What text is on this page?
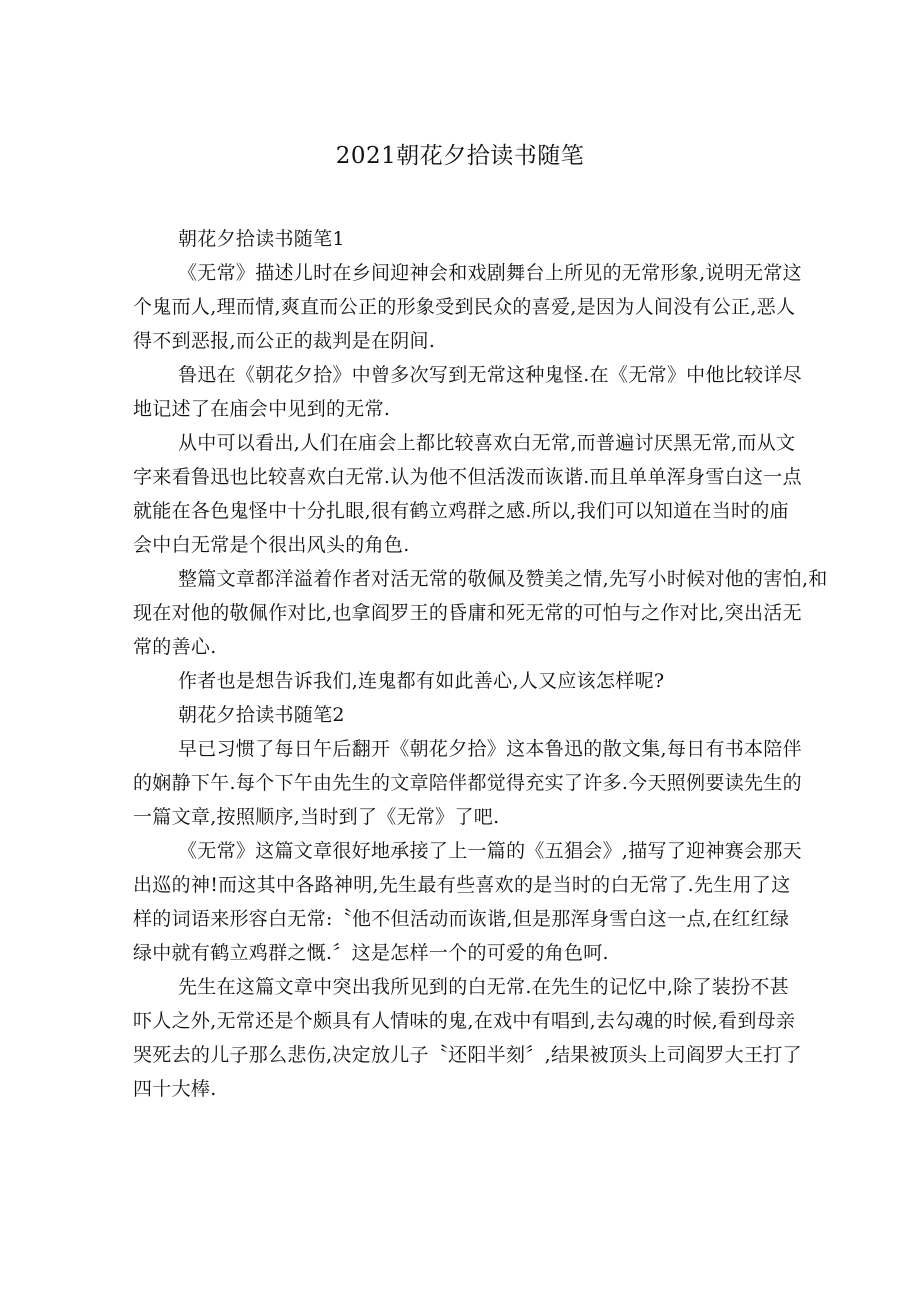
2021朝花夕拾读书随笔
朝花夕拾读书随笔1
《无常》描述儿时在乡间迎神会和戏剧舞台上所见的无常形象,说明无常这
个鬼而人,理而情,爽直而公正的形象受到民众的喜爱,是因为人间没有公正,恶人
得不到恶报,而公正的裁判是在阴间.
鲁迅在《朝花夕拾》中曾多次写到无常这种鬼怪.在《无常》中他比较详尽
地记述了在庙会中见到的无常.
从中可以看出,人们在庙会上都比较喜欢白无常,而普遍讨厌黑无常,而从文
字来看鲁迅也比较喜欢白无常.认为他不但活泼而诙谐.而且单单浑身雪白这一点
就能在各色鬼怪中十分扎眼,很有鹤立鸡群之感.所以,我们可以知道在当时的庙
会中白无常是个很出风头的角色.
整篇文章都洋溢着作者对活无常的敬佩及赞美之情,先写小时候对他的害怕,和
现在对他的敬佩作对比,也拿阎罗王的昏庸和死无常的可怕与之作对比,突出活无
常的善心.
作者也是想告诉我们,连鬼都有如此善心,人又应该怎样呢?
朝花夕拾读书随笔2
早已习惯了每日午后翻开《朝花夕拾》这本鲁迅的散文集,每日有书本陪伴
的娴静下午.每个下午由先生的文章陪伴都觉得充实了许多.今天照例要读先生的
一篇文章,按照顺序,当时到了《无常》了吧.
《无常》这篇文章很好地承接了上一篇的《五猖会》,描写了迎神赛会那天
出巡的神!而这其中各路神明,先生最有些喜欢的是当时的白无常了.先生用了这
样的词语来形容白无常:〝他不但活动而诙谐,但是那浑身雪白这一点,在红红绿
绿中就有鹤立鸡群之慨.〞这是怎样一个的可爱的角色呵.
先生在这篇文章中突出我所见到的白无常.在先生的记忆中,除了装扮不甚
吓人之外,无常还是个颇具有人情味的鬼,在戏中有唱到,去勾魂的时候,看到母亲
哭死去的儿子那么悲伤,决定放儿子〝还阳半刻〞,结果被顶头上司阎罗大王打了
四十大棒.
